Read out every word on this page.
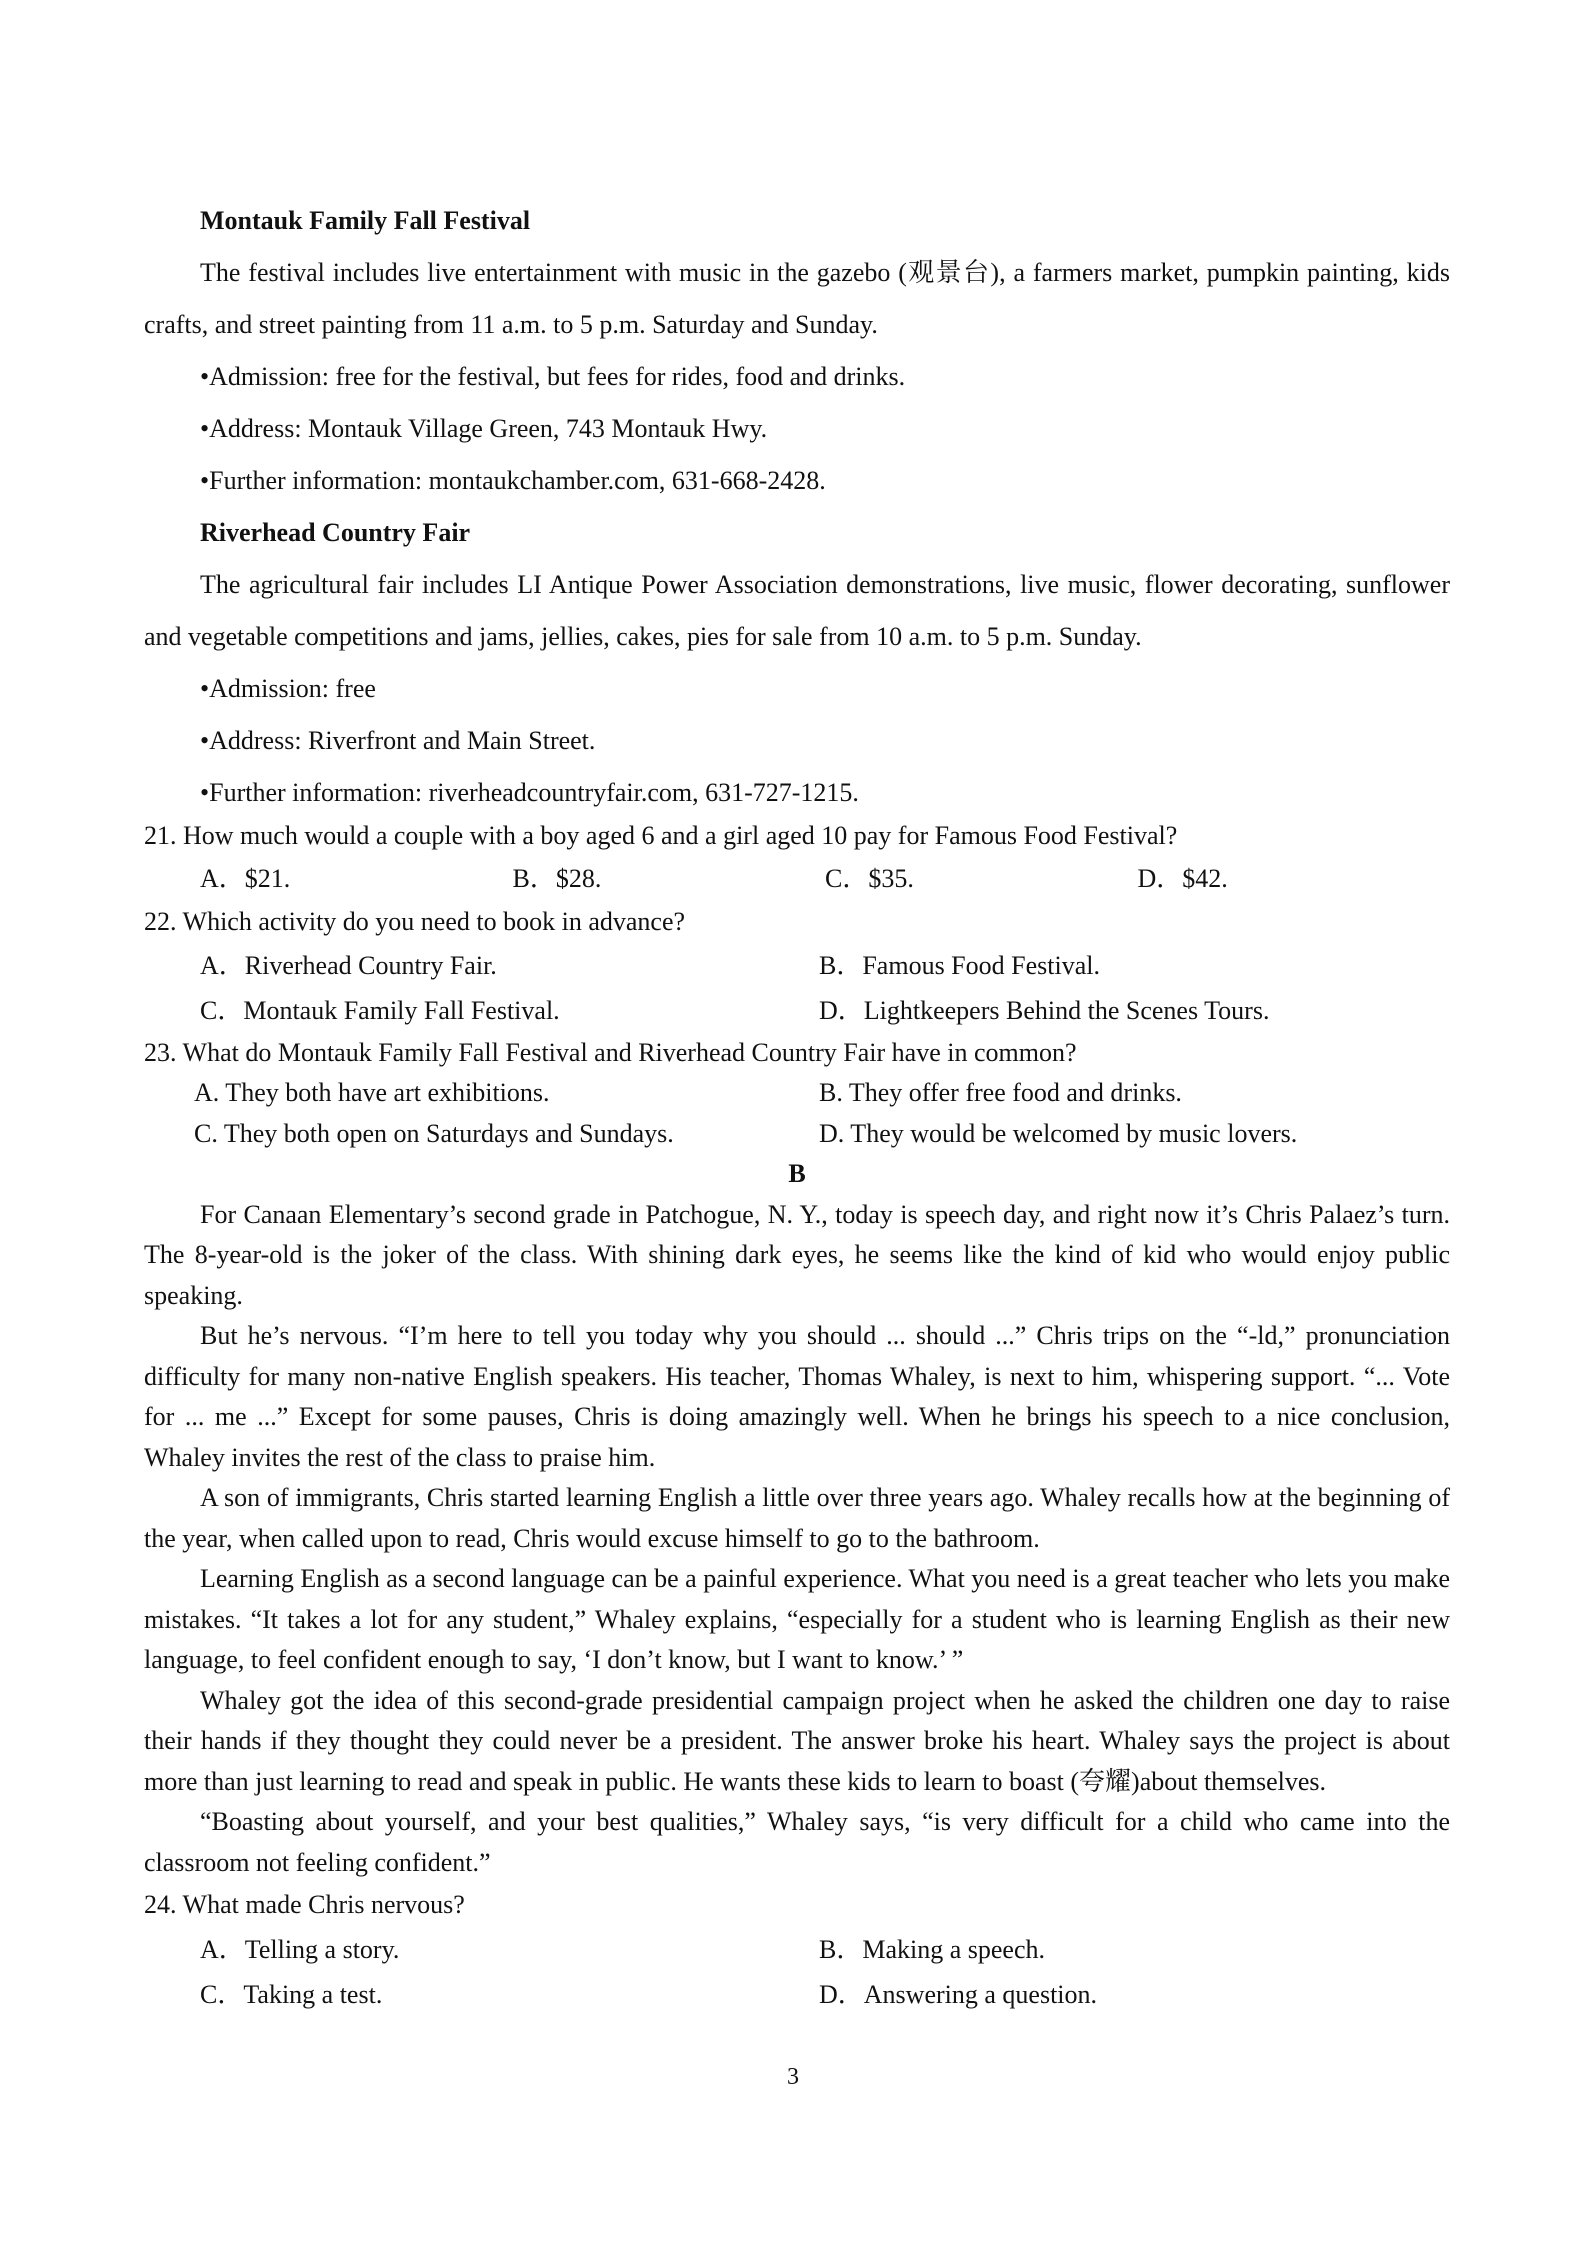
Montauk Family Fall Festival

The festival includes live entertainment with music in the gazebo (观景台), a farmers market, pumpkin painting, kids crafts, and street painting from 11 a.m. to 5 p.m. Saturday and Sunday.

•Admission: free for the festival, but fees for rides, food and drinks.

•Address: Montauk Village Green, 743 Montauk Hwy.

•Further information: montaukchamber.com, 631-668-2428.

Riverhead Country Fair

The agricultural fair includes LI Antique Power Association demonstrations, live music, flower decorating, sunflower and vegetable competitions and jams, jellies, cakes, pies for sale from 10 a.m. to 5 p.m. Sunday.

•Admission: free

•Address: Riverfront and Main Street.

•Further information: riverheadcountryfair.com, 631-727-1215.

21. How much would a couple with a boy aged 6 and a girl aged 10 pay for Famous Food Festival?

A．$21.	B．$28.	C．$35.	D．$42.

22. Which activity do you need to book in advance?

A．Riverhead Country Fair.	B．Famous Food Festival.
C．Montauk Family Fall Festival.	D．Lightkeepers Behind the Scenes Tours.

23. What do Montauk Family Fall Festival and Riverhead Country Fair have in common?

A. They both have art exhibitions.	B. They offer free food and drinks.
C. They both open on Saturdays and Sundays.	D. They would be welcomed by music lovers.

B

For Canaan Elementary’s second grade in Patchogue, N. Y., today is speech day, and right now it’s Chris Palaez’s turn. The 8-year-old is the joker of the class. With shining dark eyes, he seems like the kind of kid who would enjoy public speaking.

But he’s nervous. “I’m here to tell you today why you should ... should ...” Chris trips on the “-ld,” pronunciation difficulty for many non-native English speakers. His teacher, Thomas Whaley, is next to him, whispering support. “... Vote for ... me ...” Except for some pauses, Chris is doing amazingly well. When he brings his speech to a nice conclusion, Whaley invites the rest of the class to praise him.

A son of immigrants, Chris started learning English a little over three years ago. Whaley recalls how at the beginning of the year, when called upon to read, Chris would excuse himself to go to the bathroom.

Learning English as a second language can be a painful experience. What you need is a great teacher who lets you make mistakes. “It takes a lot for any student,” Whaley explains, “especially for a student who is learning English as their new language, to feel confident enough to say, ‘I don’t know, but I want to know.’ ”

Whaley got the idea of this second-grade presidential campaign project when he asked the children one day to raise their hands if they thought they could never be a president. The answer broke his heart. Whaley says the project is about more than just learning to read and speak in public. He wants these kids to learn to boast (夸耀)about themselves.

“Boasting about yourself, and your best qualities,” Whaley says, “is very difficult for a child who came into the classroom not feeling confident.”

24. What made Chris nervous?

A．Telling a story.	B．Making a speech.
C．Taking a test.	D．Answering a question.
3
